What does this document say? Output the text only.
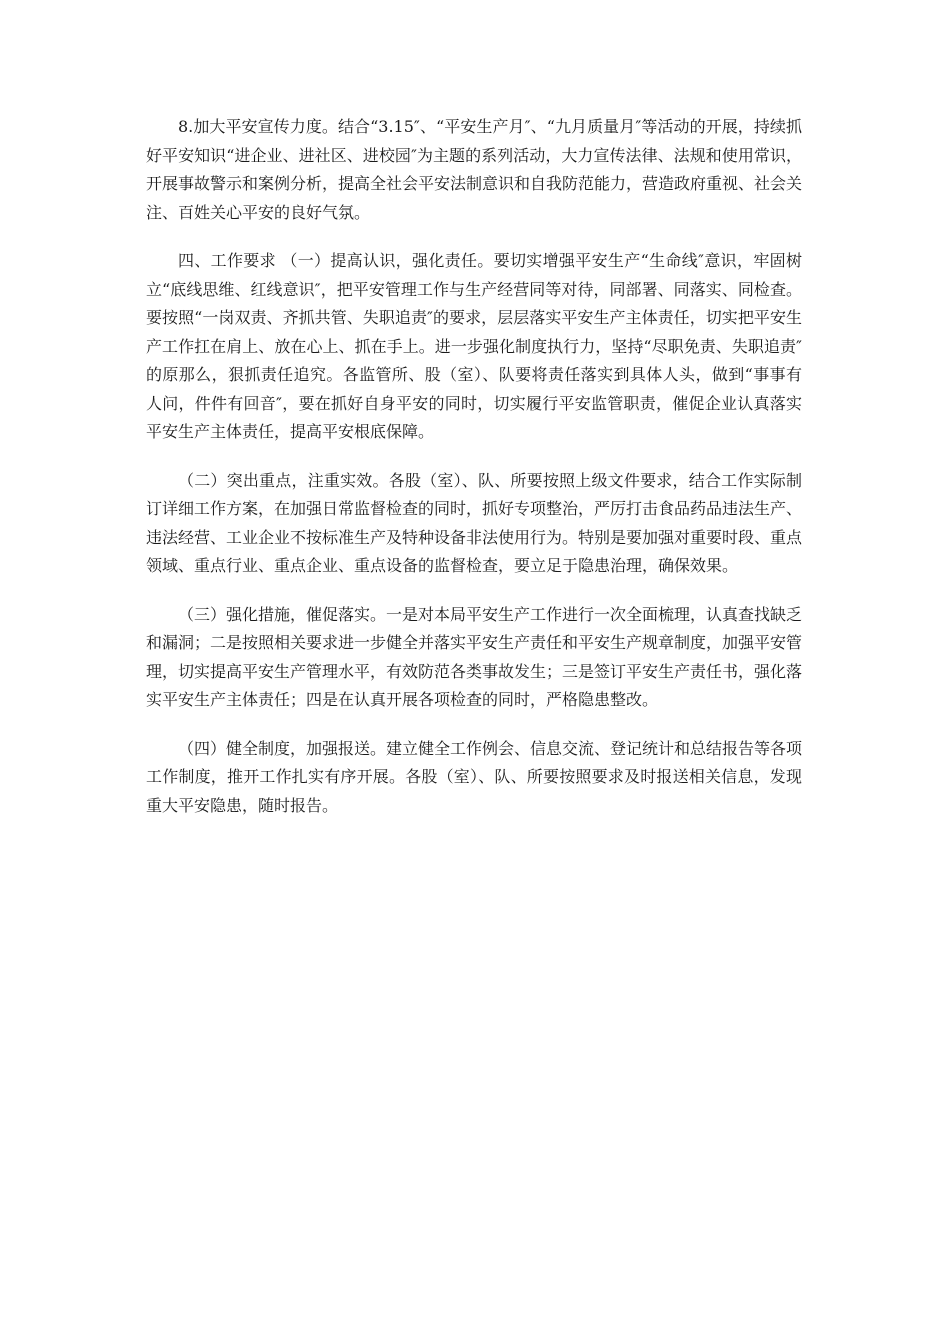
8.加大平安宣传力度。结合“3.15″、“平安生产月″、“九月质量月″等活动的开展，持续抓好平安知识“进企业、进社区、进校园″为主题的系列活动，大力宣传法律、法规和使用常识，开展事故警示和案例分析，提高全社会平安法制意识和自我防范能力，营造政府重视、社会关注、百姓关心平安的良好气氛。

四、工作要求 （一）提高认识，强化责任。要切实增强平安生产“生命线″意识，牢固树立“底线思维、红线意识″，把平安管理工作与生产经营同等对待，同部署、同落实、同检查。要按照“一岗双责、齐抓共管、失职追责″的要求，层层落实平安生产主体责任，切实把平安生产工作扛在肩上、放在心上、抓在手上。进一步强化制度执行力，坚持“尽职免责、失职追责″的原那么，狠抓责任追究。各监管所、股（室）、队要将责任落实到具体人头，做到“事事有人问，件件有回音″，要在抓好自身平安的同时，切实履行平安监管职责，催促企业认真落实平安生产主体责任，提高平安根底保障。

（二）突出重点，注重实效。各股（室）、队、所要按照上级文件要求，结合工作实际制订详细工作方案，在加强日常监督检查的同时，抓好专项整治，严厉打击食品药品违法生产、违法经营、工业企业不按标准生产及特种设备非法使用行为。特别是要加强对重要时段、重点领域、重点行业、重点企业、重点设备的监督检查，要立足于隐患治理，确保效果。

（三）强化措施，催促落实。一是对本局平安生产工作进行一次全面梳理，认真查找缺乏和漏洞；二是按照相关要求进一步健全并落实平安生产责任和平安生产规章制度，加强平安管理，切实提高平安生产管理水平，有效防范各类事故发生；三是签订平安生产责任书，强化落实平安生产主体责任；四是在认真开展各项检查的同时，严格隐患整改。

（四）健全制度，加强报送。建立健全工作例会、信息交流、登记统计和总结报告等各项工作制度，推开工作扎实有序开展。各股（室）、队、所要按照要求及时报送相关信息，发现重大平安隐患，随时报告。
